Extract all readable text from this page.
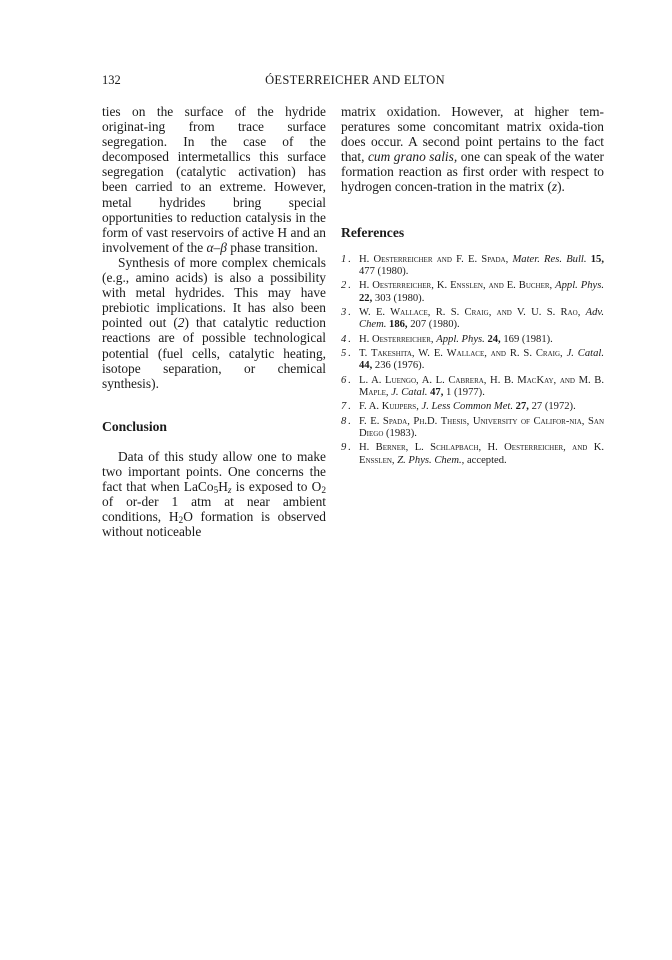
132	ÓESTERREICHER AND ELTON

ties on the surface of the hydride originat-ing from trace surface segregation. In the case of the decomposed intermetallics this surface segregation (catalytic activation) has been carried to an extreme. However, metal hydrides bring special opportunities to reduction catalysis in the form of vast reservoirs of active H and an involvement of the α–β phase transition.

Synthesis of more complex chemicals (e.g., amino acids) is also a possibility with metal hydrides. This may have prebiotic implications. It has also been pointed out (2) that catalytic reduction reactions are of possible technological potential (fuel cells, catalytic heating, isotope separation, or chemical synthesis).

Conclusion

Data of this study allow one to make two important points. One concerns the fact that when $LaCo_5H_z$ is exposed to $O_2$ of or-der 1 atm at near ambient conditions, $H_2O$ formation is observed without noticeable

matrix oxidation. However, at higher tem-peratures some concomitant matrix oxida-tion does occur. A second point pertains to the fact that, cum grano salis, one can speak of the water formation reaction as first order with respect to hydrogen concen-tration in the matrix (z).

References
1 . H. Oesterreicher and F. E. Spada, Mater. Res. Bull. 15, 477 (1980).
2 . H. Oesterreicher, K. Ensslen, and E. Bucher, Appl. Phys. 22, 303 (1980).
3 . W. E. Wallace, R. S. Craig, and V. U. S. Rao, Adv. Chem. 186, 207 (1980).
4 . H. Oesterreicher, Appl. Phys. 24, 169 (1981).
5 . T. Takeshita, W. E. Wallace, and R. S. Craig, J. Catal. 44, 236 (1976).
6 . L. A. Luengo, A. L. Cabrera, H. B. MacKay, and M. B. Maple, J. Catal. 47, 1 (1977).
7 . F. A. Kuijpers, J. Less Common Met. 27, 27 (1972).
8 . F. E. Spada, Ph.D. Thesis, University of Califor-nia, San Diego (1983).
9 . H. Berner, L. Schlapbach, H. Oesterreicher, and K. Ensslen, Z. Phys. Chem., accepted.
